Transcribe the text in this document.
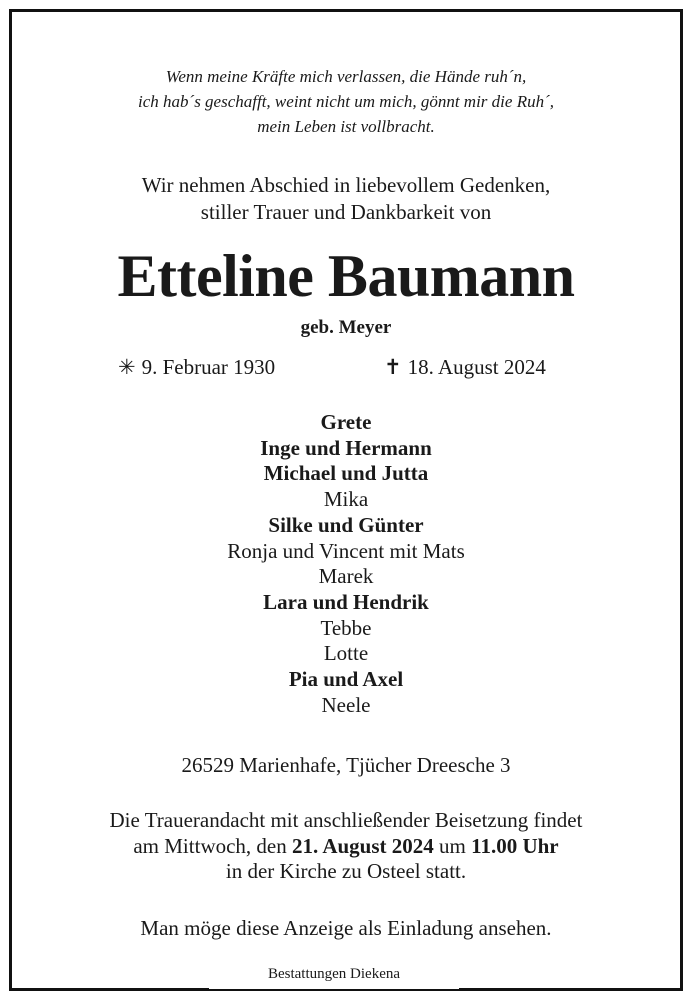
Wenn meine Kräfte mich verlassen, die Hände ruh´n,
ich hab´s geschafft, weint nicht um mich, gönnt mir die Ruh´,
mein Leben ist vollbracht.
Wir nehmen Abschied in liebevollem Gedenken,
stiller Trauer und Dankbarkeit von
Etteline Baumann
geb. Meyer
✳ 9. Februar 1930	✝ 18. August 2024
Grete
Inge und Hermann
Michael und Jutta
Mika
Silke und Günter
Ronja und Vincent mit Mats
Marek
Lara und Hendrik
Tebbe
Lotte
Pia und Axel
Neele
26529 Marienhafe, Tjücher Dreesche 3
Die Trauerandacht mit anschließender Beisetzung findet
am Mittwoch, den 21. August 2024 um 11.00 Uhr
in der Kirche zu Osteel statt.
Man möge diese Anzeige als Einladung ansehen.
Bestattungen Diekena
